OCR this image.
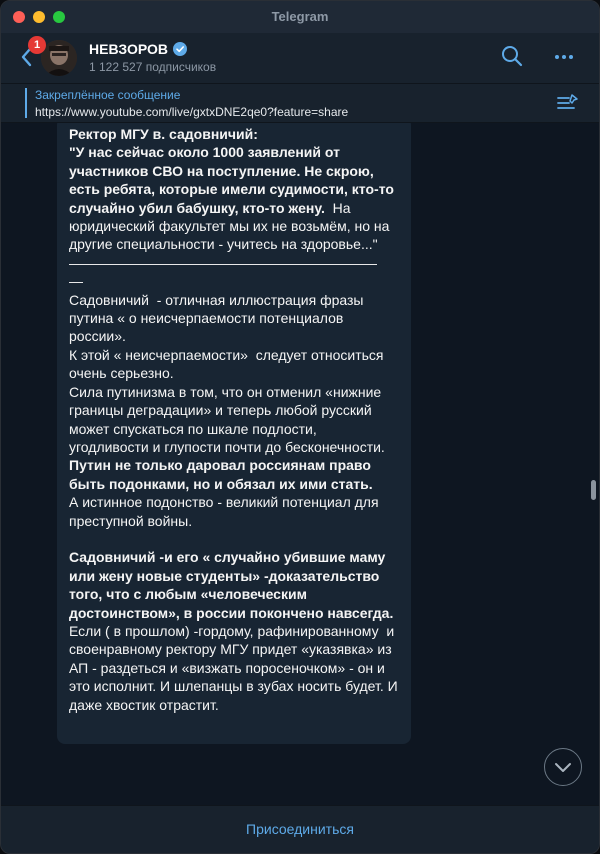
Telegram
1	НЕВЗОРОВ
1 122 527 подписчиков
Закреплённое сообщение
https://www.youtube.com/live/gxtxDNE2qe0?feature=share
Ректор МГУ в. садовничий:
"У нас сейчас около 1000 заявлений от участников СВО на поступление. Не скрою, есть ребята, которые имели судимости, кто-то случайно убил бабушку, кто-то жену.  На юридический факультет мы их не возьмём, но на другие специальности - учитесь на здоровье..."
——————————————————————
—
Садовничий  - отличная иллюстрация фразы путина « о неисчерпаемости потенциалов россии».
К этой « неисчерпаемости»  следует относиться очень серьезно.
Сила путинизма в том, что он отменил «нижние границы деградации» и теперь любой русский может спускаться по шкале подлости, угодливости и глупости почти до бесконечности.  Путин не только даровал россиянам право быть подонками, но и обязал их ими стать.
А истинное подонство - великий потенциал для преступной войны.

Садовничий -и его « случайно убившие маму или жену новые студенты» -доказательство того, что с любым «человеческим достоинством», в россии покончено навсегда.
Если ( в прошлом) -гордому, рафинированному  и своенравному ректору МГУ придет «указявка» из АП - раздеться и «визжать поросеночком» - он и это исполнит. И шлепанцы в зубах носить будет. И даже хвостик отрастит.
Присоединиться
